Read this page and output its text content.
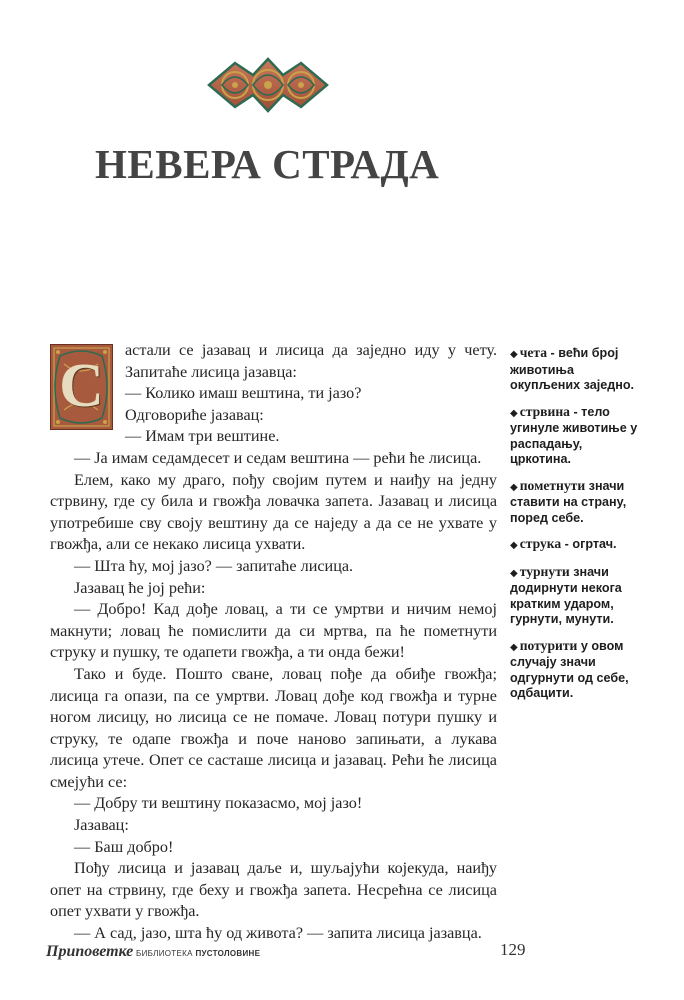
НЕВЕРА СТРАДА
С

астали се јазавац и лисица да заједно иду у чету. Запитаће лисица јазавца:

— Колико имаш вештина, ти јазо?

Одговориће јазавац:

— Имам три вештине.

— Ја имам седамдесет и седам вештина — рећи ће лисица.

Елем, како му драго, пођу својим путем и наиђу на једну стрвину, где су била и гвожђа ловачка запета. Јазавац и лисица употребише сву своју вештину да се наједу а да се не ухвате у гвожђа, али се некако лисица ухвати.

— Шта ћу, мој јазо? — запитаће лисица.

Јазавац ће јој рећи:

— Добро! Кад дође ловац, а ти се умртви и ничим немој макнути; ловац ће помислити да си мртва, па ће пометнути струку и пушку, те одапети гвожђа, а ти онда бежи!

Тако и буде. Пошто сване, ловац пође да обиђе гвожђа; лисица га опази, па се умртви. Ловац дође код гвожђа и турне ногом лисицу, но лисица се не помаче. Ловац потури пушку и струку, те одапе гвожђа и поче наново запињати, а лукава лисица утече. Опет се састаше лисица и јазавац. Рећи ће лисица смејући се:

— Добру ти вештину показасмо, мој јазо!

Јазавац:

— Баш добро!

Пођу лисица и јазавац даље и, шуљајући којекуда, наиђу опет на стрвину, где беху и гвожђа запета. Несрећна се лисица опет ухвати у гвожђа.

— А сад, јазо, шта ћу од живота? — запита лисица јазавца.

◆ чета - већи број животиња окупљених заједно.

◆ стрвина - тело угинуле животиње у распадању, цркотина.

◆ пометнути значи ставити на страну, поред себе.

◆ струка - огртач.

◆ турнути значи додирнути некога кратким ударом, гурнути, мунути.

◆ потурити у овом случају значи одгурнути од себе, одбацити.

Приповетке БИБЛИОТЕКА ПУСТОЛОВИНЕ	129
